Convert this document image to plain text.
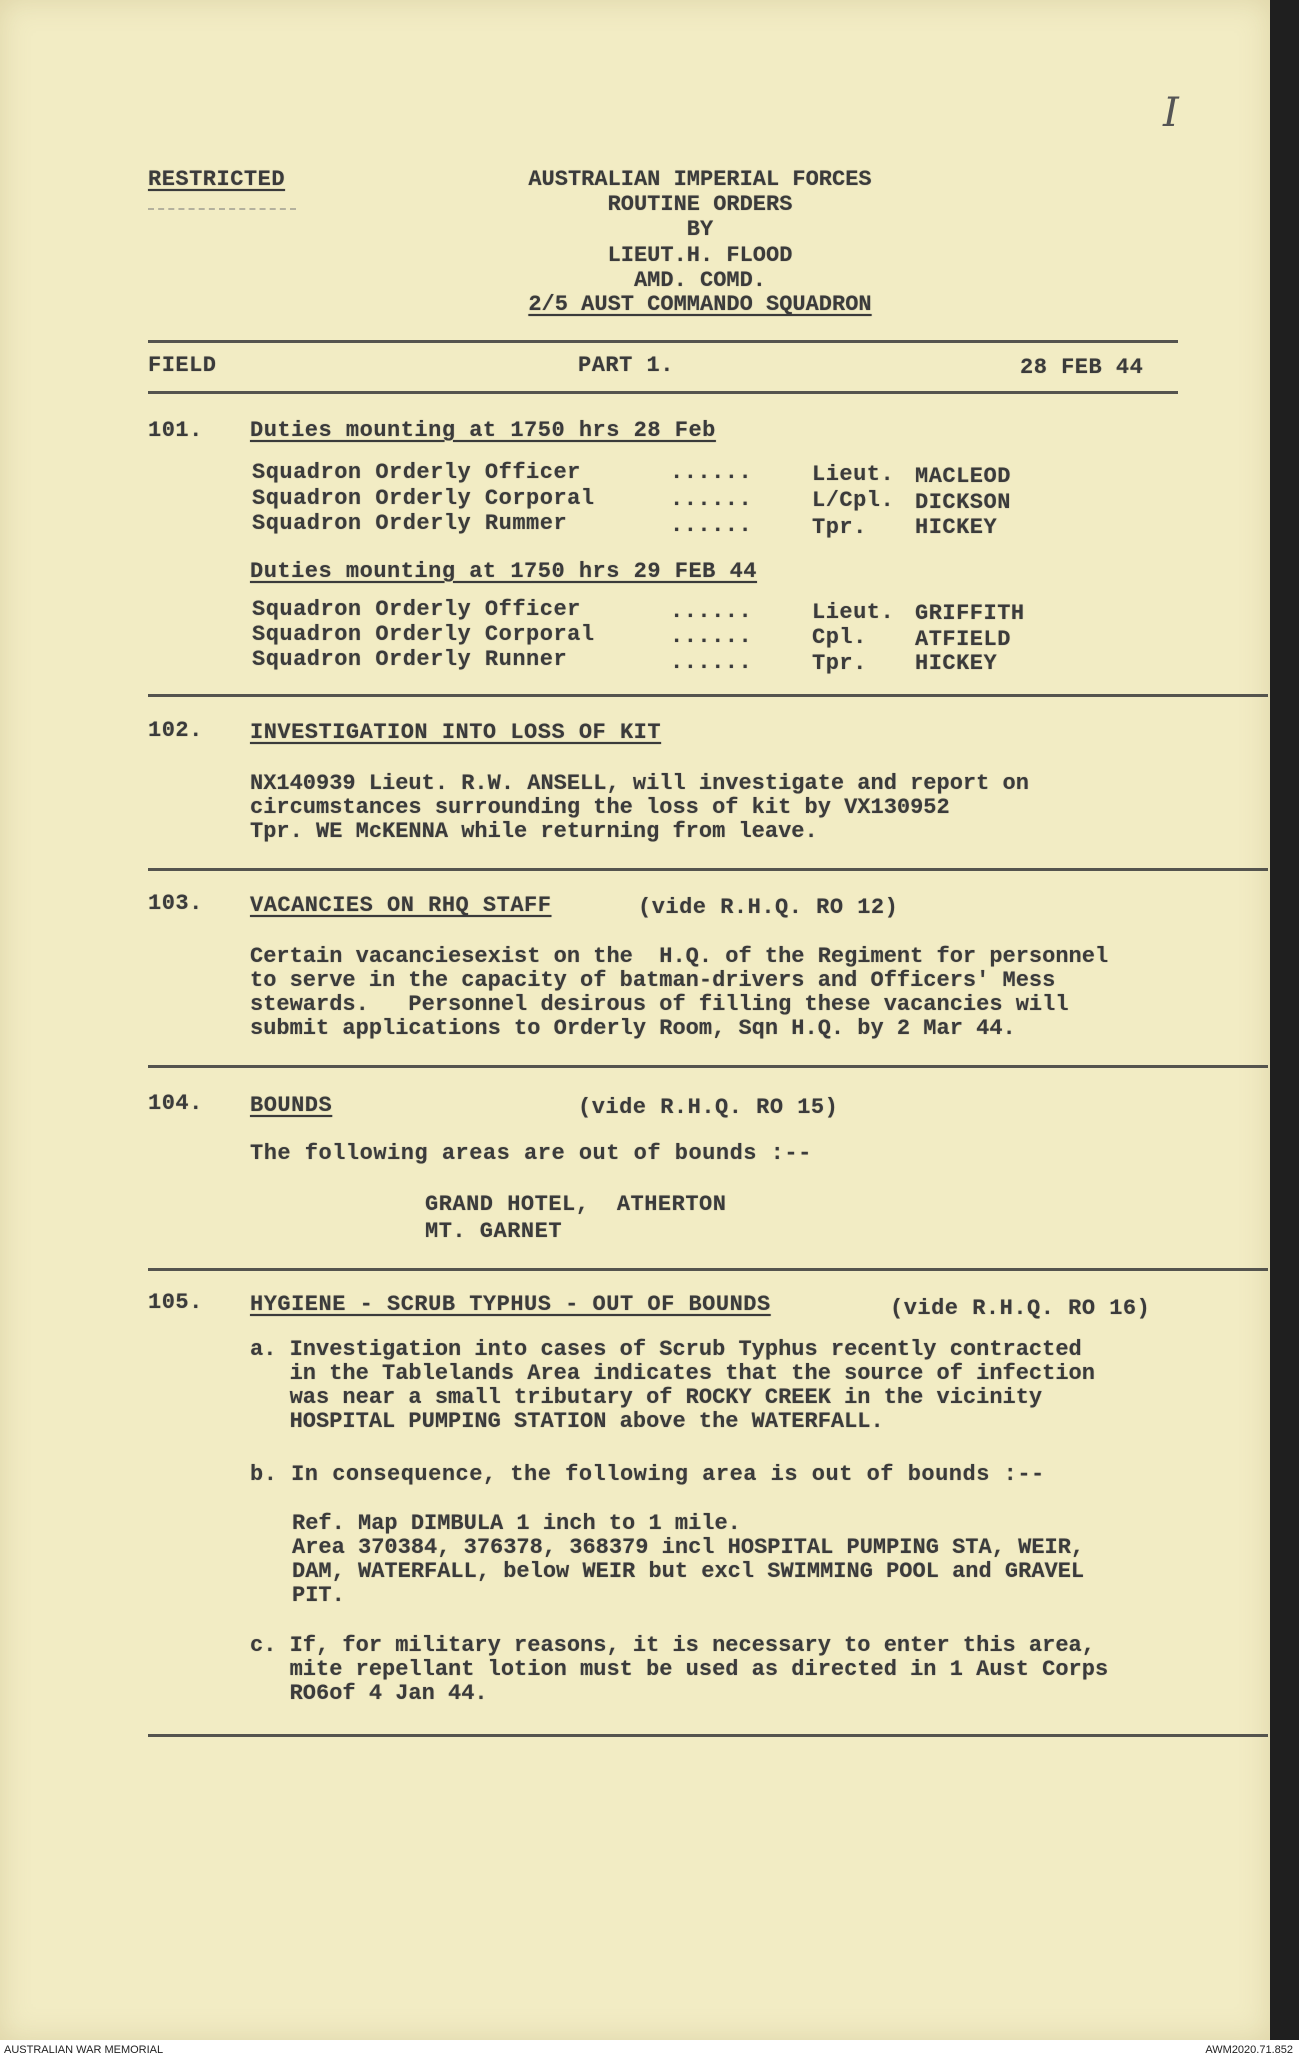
I
RESTRICTED	AUSTRALIAN IMPERIAL FORCES
ROUTINE ORDERS
BY
LIEUT.H. FLOOD
AMD. COMD.
2/5 AUST COMMANDO SQUADRON
FIELD	PART 1.	28 FEB 44
101. Duties mounting at 1750 hrs 28 Feb
Squadron Orderly Officer	......	Lieut. MACLEOD
Squadron Orderly Corporal	......	L/Cpl. DICKSON
Squadron Orderly Rummer	......	Tpr. HICKEY
Duties mounting at 1750 hrs 29 FEB 44
Squadron Orderly Officer	......	Lieut. GRIFFITH
Squadron Orderly Corporal	......	Cpl. ATFIELD
Squadron Orderly Runner	......	Tpr. HICKEY
102. INVESTIGATION INTO LOSS OF KIT
NX140939 Lieut. R.W. ANSELL, will investigate and report on
circumstances surrounding the loss of kit by VX130952
Tpr. WE McKENNA while returning from leave.
103. VACANCIES ON RHQ STAFF	(vide R.H.Q. RO 12)
Certain vacanciesexist on the  H.Q. of the Regiment for personnel
to serve in the capacity of batman-drivers and Officers' Mess
stewards.   Personnel desirous of filling these vacancies will
submit applications to Orderly Room, Sqn H.Q. by 2 Mar 44.
104. BOUNDS	(vide R.H.Q. RO 15)
The following areas are out of bounds :--
GRAND HOTEL,  ATHERTON
MT. GARNET
105. HYGIENE - SCRUB TYPHUS - OUT OF BOUNDS	(vide R.H.Q. RO 16)
a. Investigation into cases of Scrub Typhus recently contracted
in the Tablelands Area indicates that the source of infection
was near a small tributary of ROCKY CREEK in the vicinity
HOSPITAL PUMPING STATION above the WATERFALL.
b. In consequence, the following area is out of bounds :--
Ref. Map DIMBULA 1 inch to 1 mile.
Area 370384, 376378, 368379 incl HOSPITAL PUMPING STA, WEIR,
DAM, WATERFALL, below WEIR but excl SWIMMING POOL and GRAVEL
PIT.
c. If, for military reasons, it is necessary to enter this area,
mite repellant lotion must be used as directed in 1 Aust Corps
RO6of 4 Jan 44.
AUSTRALIAN WAR MEMORIAL	AWM2020.71.852
